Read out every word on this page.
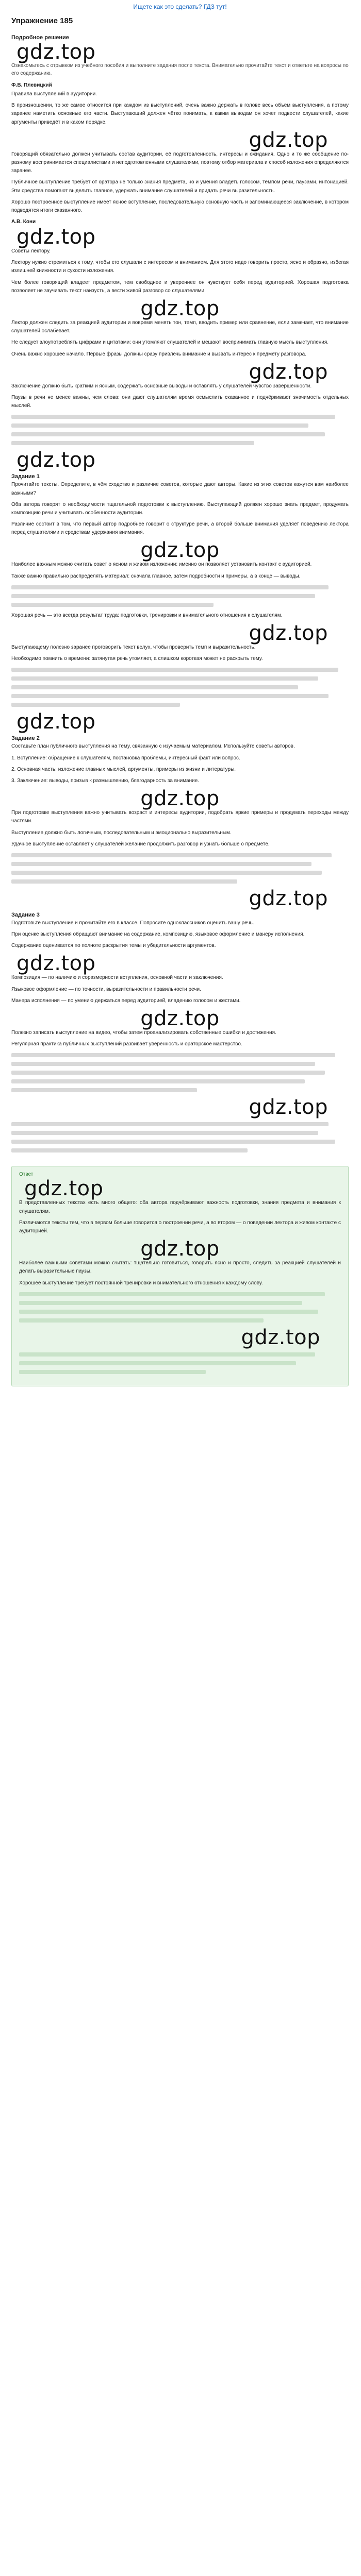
Ищете как это сделать? ГДЗ тут!
Упражнение 185
Подробное решение
gdz.top
Ознакомьтесь с отрывком из учебного пособия и выполните задания после текста. Внимательно прочитайте текст и ответьте на вопросы по его содержанию.
Ф.В. Плевицкий

Правила выступлений в аудитории.

В произношении, то же самое относится при каждом из выступлений, очень важно держать в голове весь объём выступления, а потому заранее наметить основные его части. Выступающий должен чётко понимать, к каким выводам он хочет подвести слушателей, какие аргументы приведёт и в каком порядке.

gdz.top

Говорящий обязательно должен учитывать состав аудитории, её подготовленность, интересы и ожидания. Одно и то же сообщение по-разному воспринимается специалистами и неподготовленными слушателями, поэтому отбор материала и способ изложения определяются заранее.

Публичное выступление требует от оратора не только знания предмета, но и умения владеть голосом, темпом речи, паузами, интонацией. Эти средства помогают выделить главное, удержать внимание слушателей и придать речи выразительность.

Хорошо построенное выступление имеет ясное вступление, последовательную основную часть и запоминающееся заключение, в котором подводятся итоги сказанного.

А.В. Кони
gdz.top

Советы лектору.

Лектору нужно стремиться к тому, чтобы его слушали с интересом и вниманием. Для этого надо говорить просто, ясно и образно, избегая излишней книжности и сухости изложения.

Чем более говорящий владеет предметом, тем свободнее и увереннее он чувствует себя перед аудиторией. Хорошая подготовка позволяет не заучивать текст наизусть, а вести живой разговор со слушателями.

gdz.top

Лектор должен следить за реакцией аудитории и вовремя менять тон, темп, вводить пример или сравнение, если замечает, что внимание слушателей ослабевает.

Не следует злоупотреблять цифрами и цитатами: они утомляют слушателей и мешают воспринимать главную мысль выступления.

Очень важно хорошее начало. Первые фразы должны сразу привлечь внимание и вызвать интерес к предмету разговора.

gdz.top

Заключение должно быть кратким и ясным, содержать основные выводы и оставлять у слушателей чувство завершённости.

Паузы в речи не менее важны, чем слова: они дают слушателям время осмыслить сказанное и подчёркивают значимость отдельных мыслей.

gdz.top
Задание 1

Прочитайте тексты. Определите, в чём сходство и различие советов, которые дают авторы. Какие из этих советов кажутся вам наиболее важными?

Оба автора говорят о необходимости тщательной подготовки к выступлению. Выступающий должен хорошо знать предмет, продумать композицию речи и учитывать особенности аудитории.

Различие состоит в том, что первый автор подробнее говорит о структуре речи, а второй больше внимания уделяет поведению лектора перед слушателями и средствам удержания внимания.

gdz.top

Наиболее важным можно считать совет о ясном и живом изложении: именно он позволяет установить контакт с аудиторией.

Также важно правильно распределять материал: сначала главное, затем подробности и примеры, а в конце — выводы.

Хорошая речь — это всегда результат труда: подготовки, тренировки и внимательного отношения к слушателям.

gdz.top

Выступающему полезно заранее проговорить текст вслух, чтобы проверить темп и выразительность.

Необходимо помнить о времени: затянутая речь утомляет, а слишком короткая может не раскрыть тему.

gdz.top
Задание 2

Составьте план публичного выступления на тему, связанную с изучаемым материалом. Используйте советы авторов.

1. Вступление: обращение к слушателям, постановка проблемы, интересный факт или вопрос.

2. Основная часть: изложение главных мыслей, аргументы, примеры из жизни и литературы.

3. Заключение: выводы, призыв к размышлению, благодарность за внимание.

gdz.top

При подготовке выступления важно учитывать возраст и интересы аудитории, подобрать яркие примеры и продумать переходы между частями.

Выступление должно быть логичным, последовательным и эмоционально выразительным.

Удачное выступление оставляет у слушателей желание продолжить разговор и узнать больше о предмете.

gdz.top
Задание 3

Подготовьте выступление и прочитайте его в классе. Попросите одноклассников оценить вашу речь.

При оценке выступления обращают внимание на содержание, композицию, языковое оформление и манеру исполнения.

Содержание оценивается по полноте раскрытия темы и убедительности аргументов.

gdz.top

Композиция — по наличию и соразмерности вступления, основной части и заключения.

Языковое оформление — по точности, выразительности и правильности речи.

Манера исполнения — по умению держаться перед аудиторией, владению голосом и жестами.

gdz.top

Полезно записать выступление на видео, чтобы затем проанализировать собственные ошибки и достижения.

Регулярная практика публичных выступлений развивает уверенность и ораторское мастерство.

gdz.top
Ответ
gdz.top

В представленных текстах есть много общего: оба автора подчёркивают важность подготовки, знания предмета и внимания к слушателям.

Различаются тексты тем, что в первом больше говорится о построении речи, а во втором — о поведении лектора и живом контакте с аудиторией.

gdz.top

Наиболее важными советами можно считать: тщательно готовиться, говорить ясно и просто, следить за реакцией слушателей и делать выразительные паузы.

Хорошее выступление требует постоянной тренировки и внимательного отношения к каждому слову.

gdz.top
